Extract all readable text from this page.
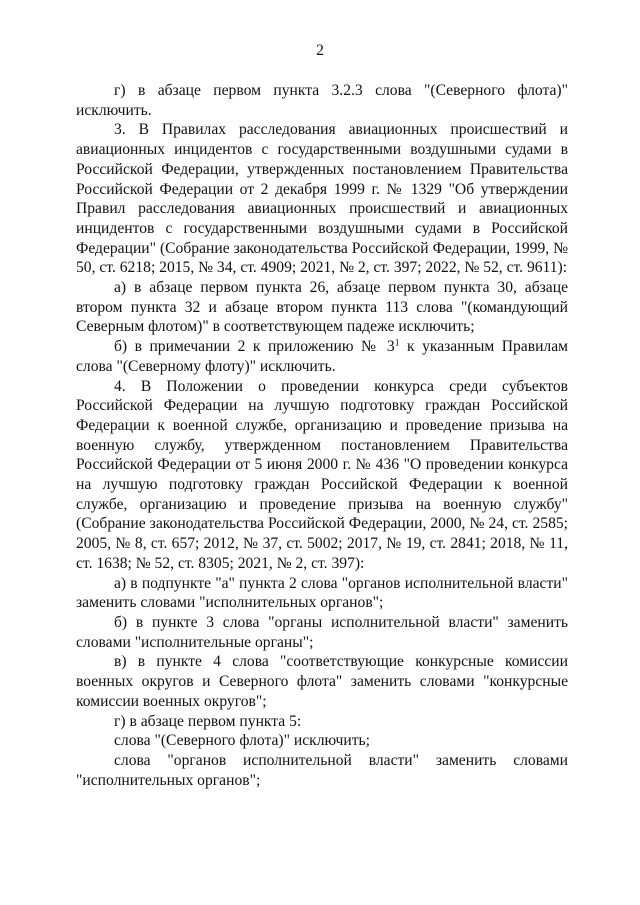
2

г) в абзаце первом пункта 3.2.3 слова "(Северного флота)" исключить.

3. В Правилах расследования авиационных происшествий и авиационных инцидентов с государственными воздушными судами в Российской Федерации, утвержденных постановлением Правительства Российской Федерации от 2 декабря 1999 г. № 1329 "Об утверждении Правил расследования авиационных происшествий и авиационных инцидентов с государственными воздушными судами в Российской Федерации" (Собрание законодательства Российской Федерации, 1999, № 50, ст. 6218; 2015, № 34, ст. 4909; 2021, № 2, ст. 397; 2022, № 52, ст. 9611):

а) в абзаце первом пункта 26, абзаце первом пункта 30, абзаце втором пункта 32 и абзаце втором пункта 113 слова "(командующий Северным флотом)" в соответствующем падеже исключить;

б) в примечании 2 к приложению № $3^1$ к указанным Правилам слова "(Северному флоту)" исключить.

4. В Положении о проведении конкурса среди субъектов Российской Федерации на лучшую подготовку граждан Российской Федерации к военной службе, организацию и проведение призыва на военную службу, утвержденном постановлением Правительства Российской Федерации от 5 июня 2000 г. № 436 "О проведении конкурса на лучшую подготовку граждан Российской Федерации к военной службе, организацию и проведение призыва на военную службу" (Собрание законодательства Российской Федерации, 2000, № 24, ст. 2585; 2005, № 8, ст. 657; 2012, № 37, ст. 5002; 2017, № 19, ст. 2841; 2018, № 11, ст. 1638; № 52, ст. 8305; 2021, № 2, ст. 397):

а) в подпункте "а" пункта 2 слова "органов исполнительной власти" заменить словами "исполнительных органов";

б) в пункте 3 слова "органы исполнительной власти" заменить словами "исполнительные органы";

в) в пункте 4 слова "соответствующие конкурсные комиссии военных округов и Северного флота" заменить словами "конкурсные комиссии военных округов";

г) в абзаце первом пункта 5:

слова "(Северного флота)" исключить;

слова "органов исполнительной власти" заменить словами "исполнительных органов";
